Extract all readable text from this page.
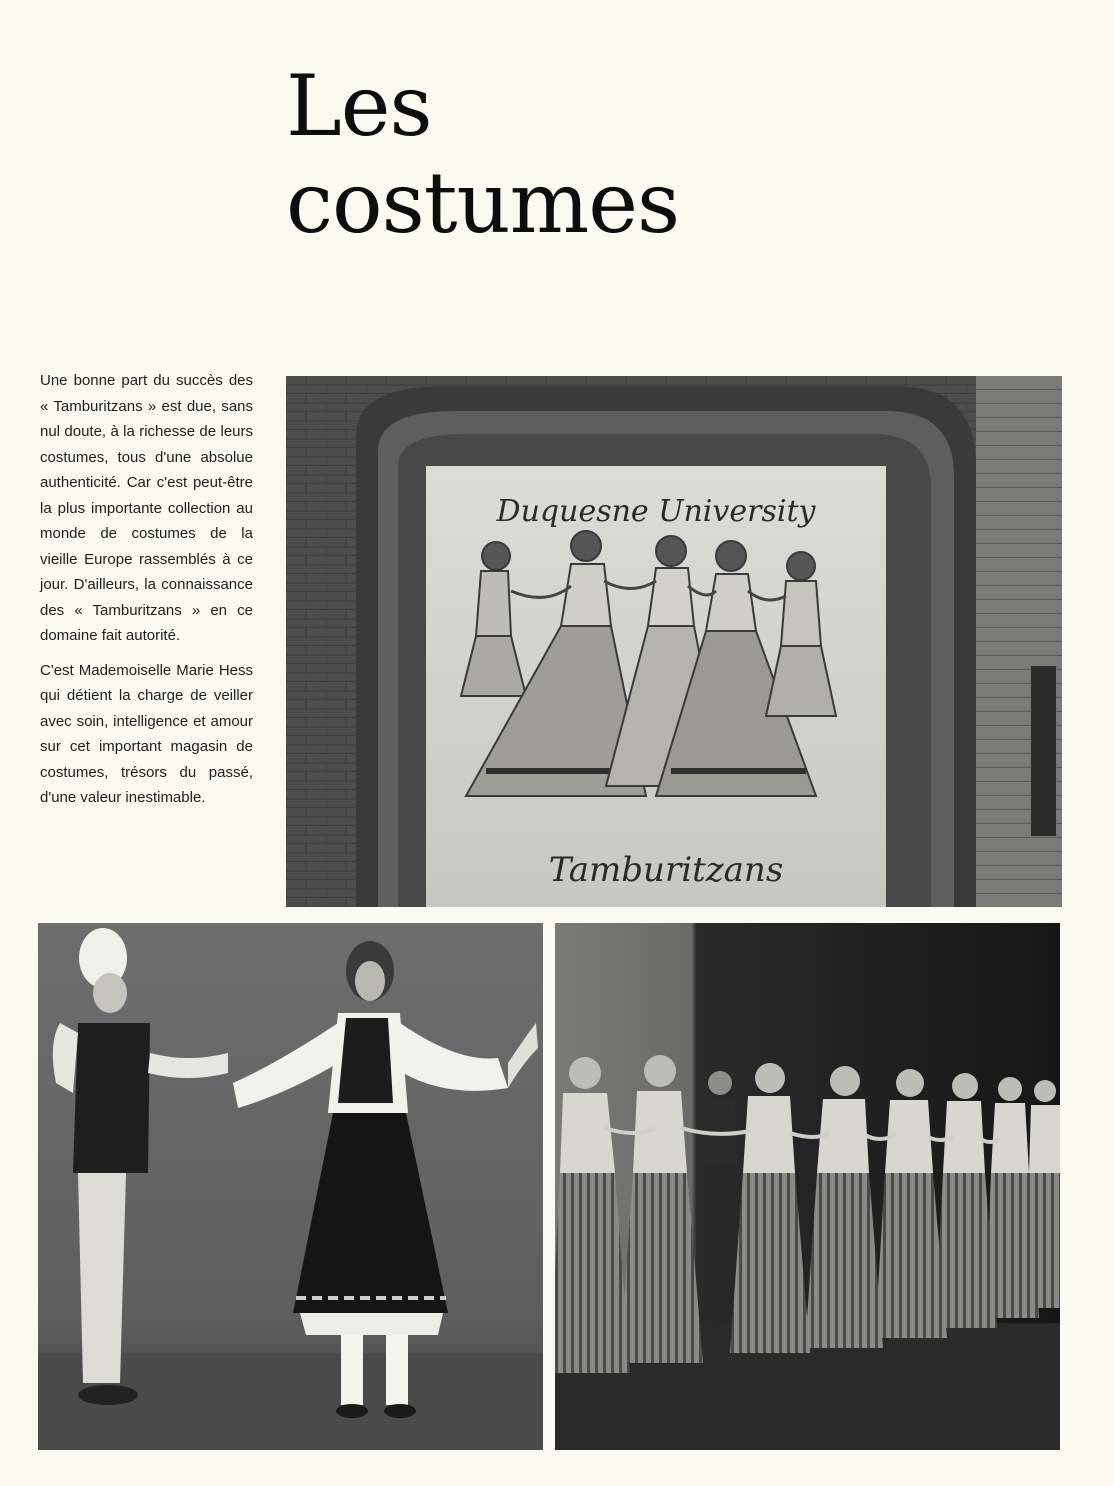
Les
costumes

Une bonne part du succès des « Tamburitzans » est due, sans nul doute, à la richesse de leurs costumes, tous d'une absolue authenticité. Car c'est peut-être la plus importante collection au monde de costumes de la vieille Europe rassemblés à ce jour. D'ailleurs, la connaissance des « Tamburitzans » en ce domaine fait autorité.

C'est Mademoiselle Marie Hess qui détient la charge de veiller avec soin, intelligence et amour sur cet important magasin de costumes, trésors du passé, d'une valeur inestimable.

Duquesne University
Tamburitzans
